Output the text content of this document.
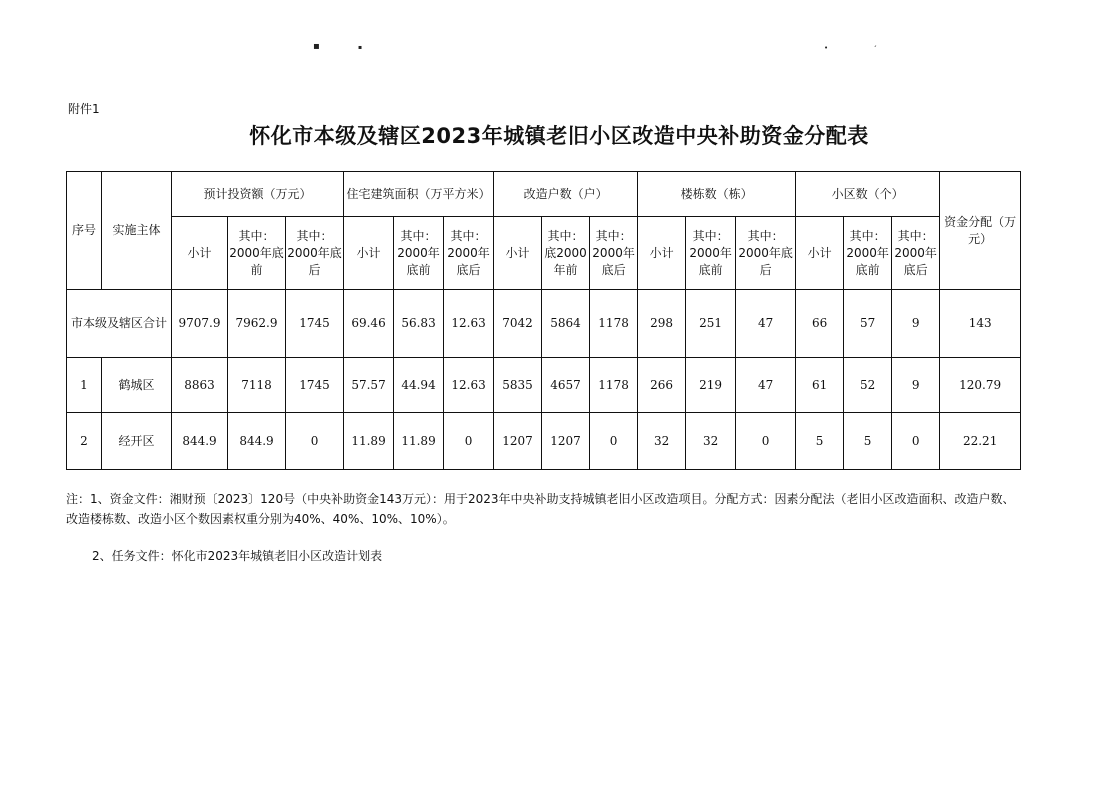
▪	▪	•	ˊ
附件1
怀化市本级及辖区2023年城镇老旧小区改造中央补助资金分配表
序号	实施主体	预计投资额（万元）			住宅建筑面积（万平方米）			改造户数（户）			楼栋数（栋）			小区数（个）			资金分配（万元）
		小计	其中：2000年底前	其中：2000年底后	小计	其中：2000年底前	其中：2000年底后	小计	其中：底2000年前	其中：2000年底后	小计	其中：2000年底前	其中：2000年底后	小计	其中：2000年底前	其中：2000年底后	
市本级及辖区合计		9707.9	7962.9	1745	69.46	56.83	12.63	7042	5864	1178	298	251	47	66	57	9	143
1	鹤城区	8863	7118	1745	57.57	44.94	12.63	5835	4657	1178	266	219	47	61	52	9	120.79
2	经开区	844.9	844.9	0	11.89	11.89	0	1207	1207	0	32	32	0	5	5	0	22.21
注：1、资金文件：湘财预〔2023〕120号（中央补助资金143万元）：用于2023年中央补助支持城镇老旧小区改造项目。分配方式：因素分配法（老旧小区改造面积、改造户数、改造楼栋数、改造小区个数因素权重分别为40%、40%、10%、10%）。
2、任务文件：怀化市2023年城镇老旧小区改造计划表
